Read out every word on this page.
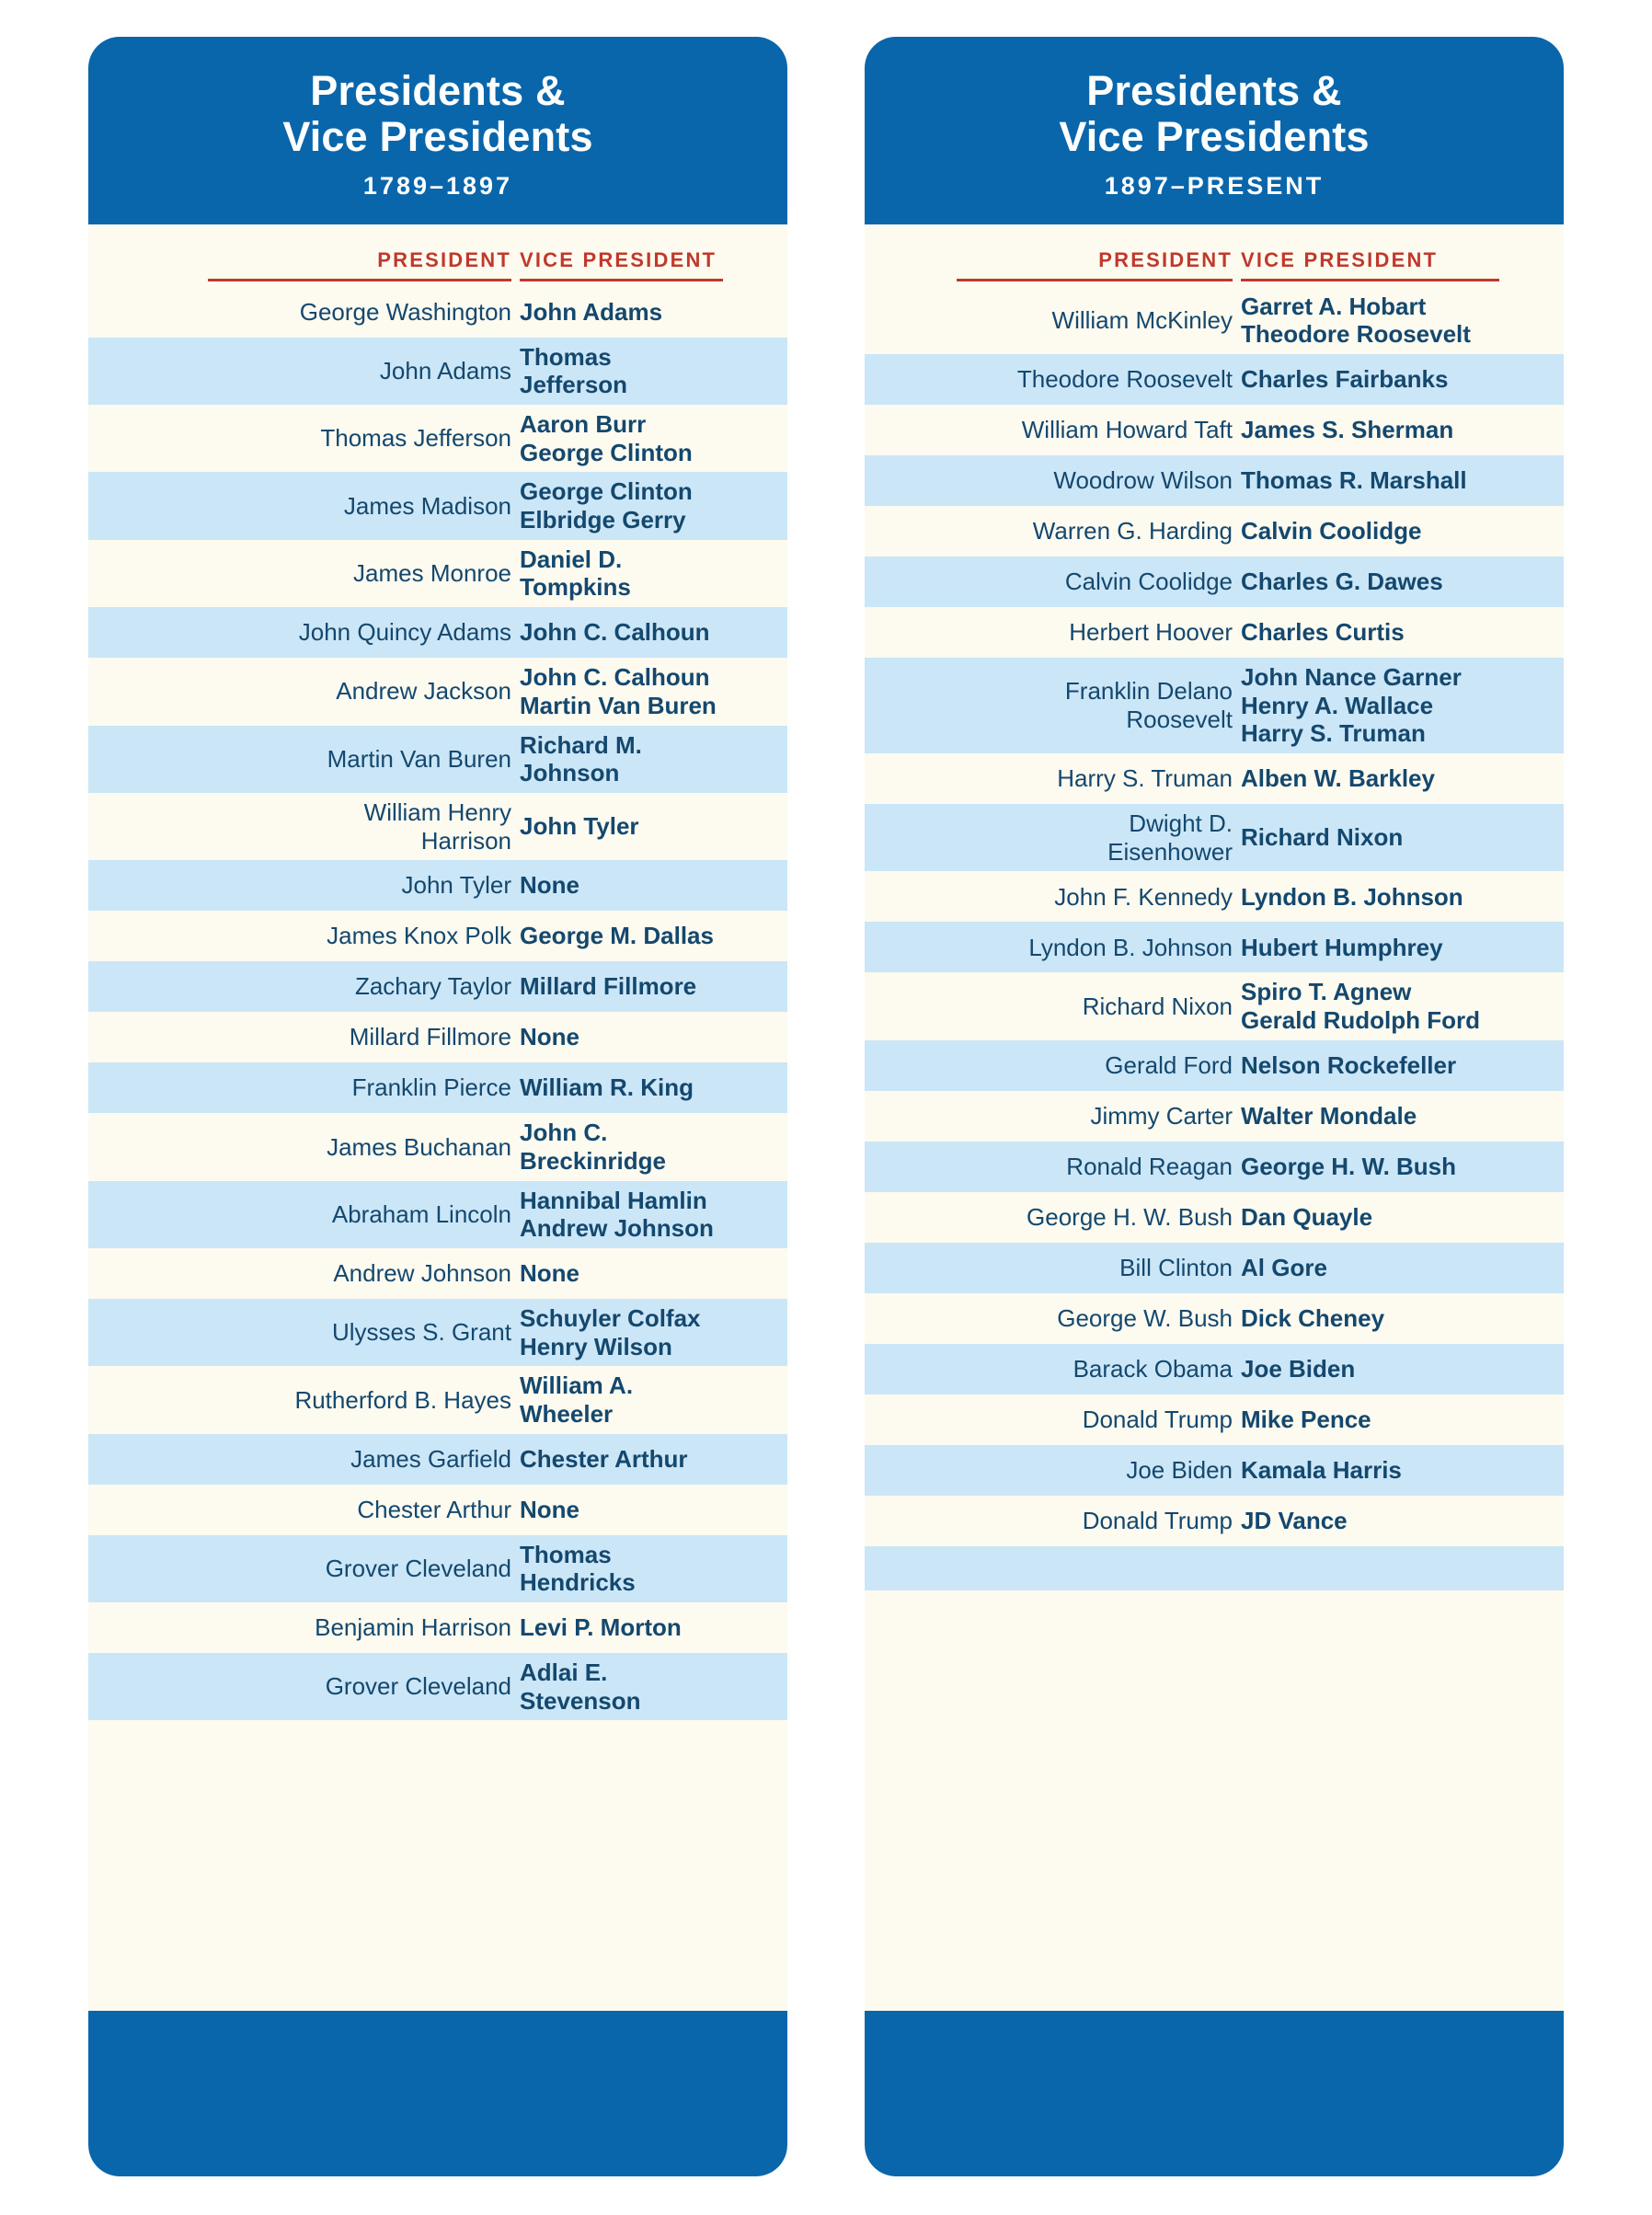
Presidents &
Vice Presidents
1789–1897
PRESIDENT VICE PRESIDENT
George Washington John Adams
John Adams
Thomas Jefferson
Thomas Jefferson
Aaron Burr
George Clinton
James Madison
George Clinton
Elbridge Gerry
James Monroe
Daniel D. Tompkins
John Quincy Adams John C. Calhoun
Andrew Jackson
John C. Calhoun
Martin Van Buren
Martin Van Buren
Richard M. Johnson
William Henry
Harrison
John Tyler
John Tyler None
James Knox Polk George M. Dallas
Zachary Taylor Millard Fillmore
Millard Fillmore None
Franklin Pierce William R. King
James Buchanan
John C. Breckinridge
Abraham Lincoln
Hannibal Hamlin
Andrew Johnson
Andrew Johnson None
Ulysses S. Grant
Schuyler Colfax
Henry Wilson
Rutherford B. Hayes
William A. Wheeler
James Garfield Chester Arthur
Chester Arthur None
Grover Cleveland
Thomas Hendricks
Benjamin Harrison Levi P. Morton
Grover Cleveland
Adlai E. Stevenson
Presidents &
Vice Presidents
1897–PRESENT
PRESIDENT VICE PRESIDENT
William McKinley
Garret A. Hobart
Theodore Roosevelt
Theodore Roosevelt Charles Fairbanks
William Howard Taft James S. Sherman
Woodrow Wilson Thomas R. Marshall
Warren G. Harding Calvin Coolidge
Calvin Coolidge Charles G. Dawes
Herbert Hoover Charles Curtis
Franklin Delano
Roosevelt
John Nance Garner
Henry A. Wallace
Harry S. Truman
Harry S. Truman Alben W. Barkley
Dwight D.
Eisenhower
Richard Nixon
John F. Kennedy Lyndon B. Johnson
Lyndon B. Johnson Hubert Humphrey
Richard Nixon
Spiro T. Agnew
Gerald Rudolph Ford
Gerald Ford Nelson Rockefeller
Jimmy Carter Walter Mondale
Ronald Reagan George H. W. Bush
George H. W. Bush Dan Quayle
Bill Clinton Al Gore
George W. Bush Dick Cheney
Barack Obama Joe Biden
Donald Trump Mike Pence
Joe Biden Kamala Harris
Donald Trump JD Vance
